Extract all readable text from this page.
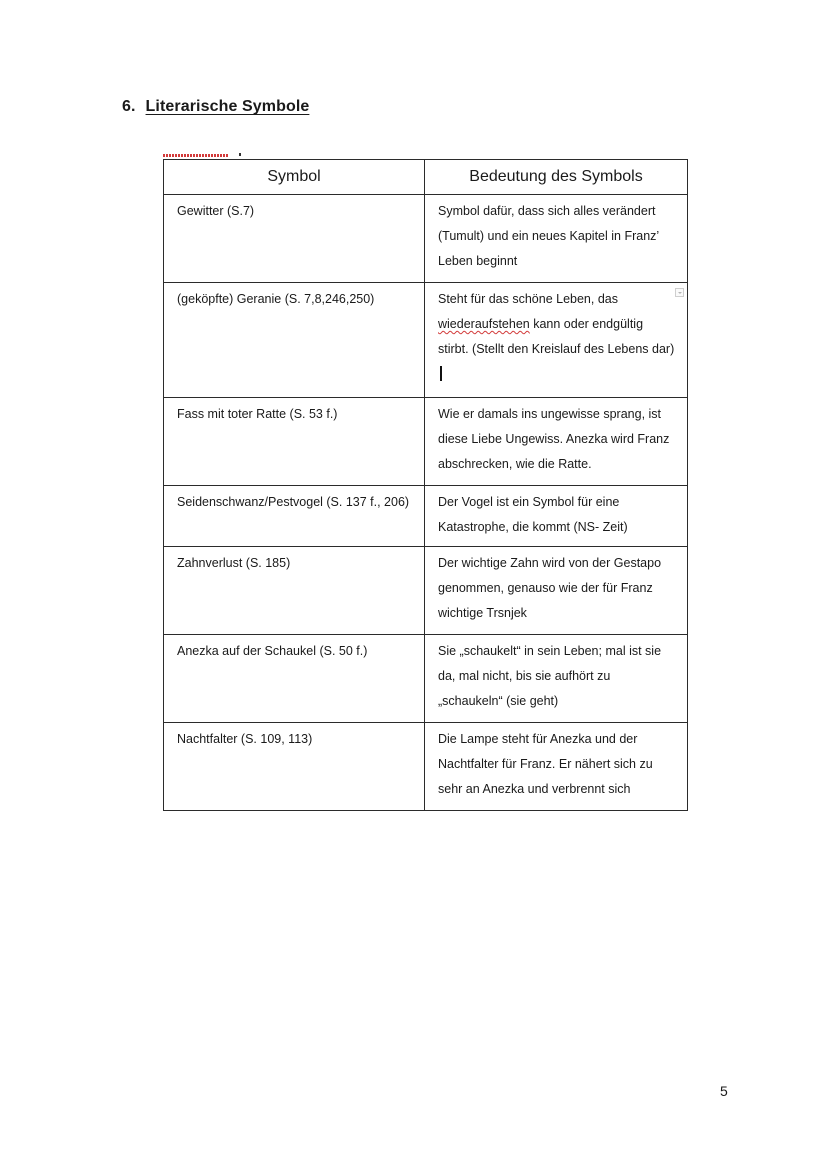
6. Literarische Symbole
Symbol	Bedeutung des Symbols
Gewitter (S.7)	Symbol dafür, dass sich alles verändert (Tumult) und ein neues Kapitel in Franz’ Leben beginnt
(geköpfte) Geranie (S. 7,8,246,250)	Steht für das schöne Leben, das wiederaufstehen kann oder endgültig stirbt. (Stellt den Kreislauf des Lebens dar)

Fass mit toter Ratte (S. 53 f.)	Wie er damals ins ungewisse sprang, ist diese Liebe Ungewiss. Anezka wird Franz abschrecken, wie die Ratte.
Seidenschwanz/Pestvogel (S. 137 f., 206)	Der Vogel ist ein Symbol für eine Katastrophe, die kommt (NS- Zeit)
Zahnverlust (S. 185)	Der wichtige Zahn wird von der Gestapo genommen, genauso wie der für Franz wichtige Trsnjek
Anezka auf der Schaukel (S. 50 f.)	Sie „schaukelt“ in sein Leben; mal ist sie da, mal nicht, bis sie aufhört zu „schaukeln“ (sie geht)
Nachtfalter (S. 109, 113)	Die Lampe steht für Anezka und der Nachtfalter für Franz. Er nähert sich zu sehr an Anezka und verbrennt sich
5
